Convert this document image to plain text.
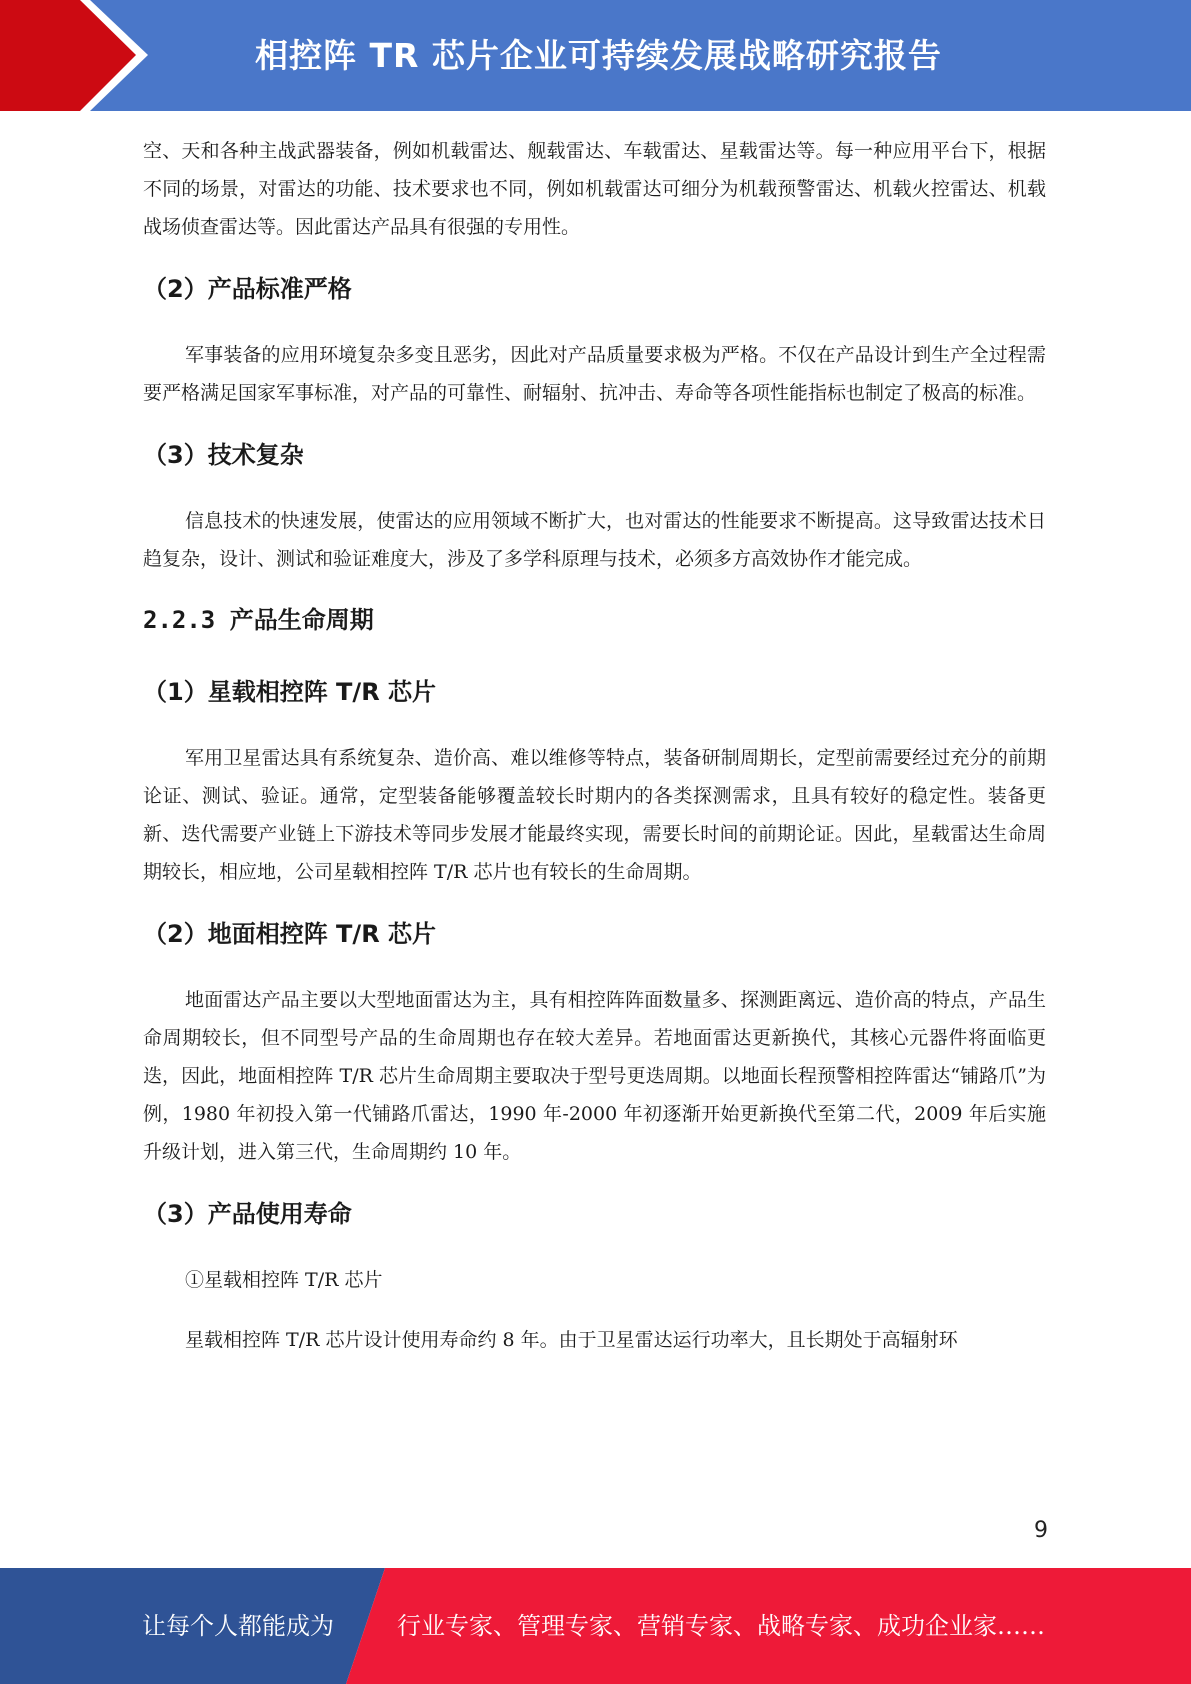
相控阵 TR 芯片企业可持续发展战略研究报告

空、天和各种主战武器装备，例如机载雷达、舰载雷达、车载雷达、星载雷达等。每一种应用平台下，根据不同的场景，对雷达的功能、技术要求也不同，例如机载雷达可细分为机载预警雷达、机载火控雷达、机载战场侦查雷达等。因此雷达产品具有很强的专用性。

（2）产品标准严格

军事装备的应用环境复杂多变且恶劣，因此对产品质量要求极为严格。不仅在产品设计到生产全过程需要严格满足国家军事标准，对产品的可靠性、耐辐射、抗冲击、寿命等各项性能指标也制定了极高的标准。

（3）技术复杂

信息技术的快速发展，使雷达的应用领域不断扩大，也对雷达的性能要求不断提高。这导致雷达技术日趋复杂，设计、测试和验证难度大，涉及了多学科原理与技术，必须多方高效协作才能完成。

2.2.3 产品生命周期
（1）星载相控阵 T/R 芯片

军用卫星雷达具有系统复杂、造价高、难以维修等特点，装备研制周期长，定型前需要经过充分的前期论证、测试、验证。通常，定型装备能够覆盖较长时期内的各类探测需求，且具有较好的稳定性。装备更新、迭代需要产业链上下游技术等同步发展才能最终实现，需要长时间的前期论证。因此，星载雷达生命周期较长，相应地，公司星载相控阵 T/R 芯片也有较长的生命周期。

（2）地面相控阵 T/R 芯片

地面雷达产品主要以大型地面雷达为主，具有相控阵阵面数量多、探测距离远、造价高的特点，产品生命周期较长，但不同型号产品的生命周期也存在较大差异。若地面雷达更新换代，其核心元器件将面临更迭，因此，地面相控阵 T/R 芯片生命周期主要取决于型号更迭周期。以地面长程预警相控阵雷达“铺路爪”为例，1980 年初投入第一代铺路爪雷达，1990 年-2000 年初逐渐开始更新换代至第二代，2009 年后实施升级计划，进入第三代，生命周期约 10 年。

（3）产品使用寿命

①星载相控阵 T/R 芯片

星载相控阵 T/R 芯片设计使用寿命约 8 年。由于卫星雷达运行功率大，且长期处于高辐射环

9
让每个人都能成为	行业专家、管理专家、营销专家、战略专家、成功企业家……
